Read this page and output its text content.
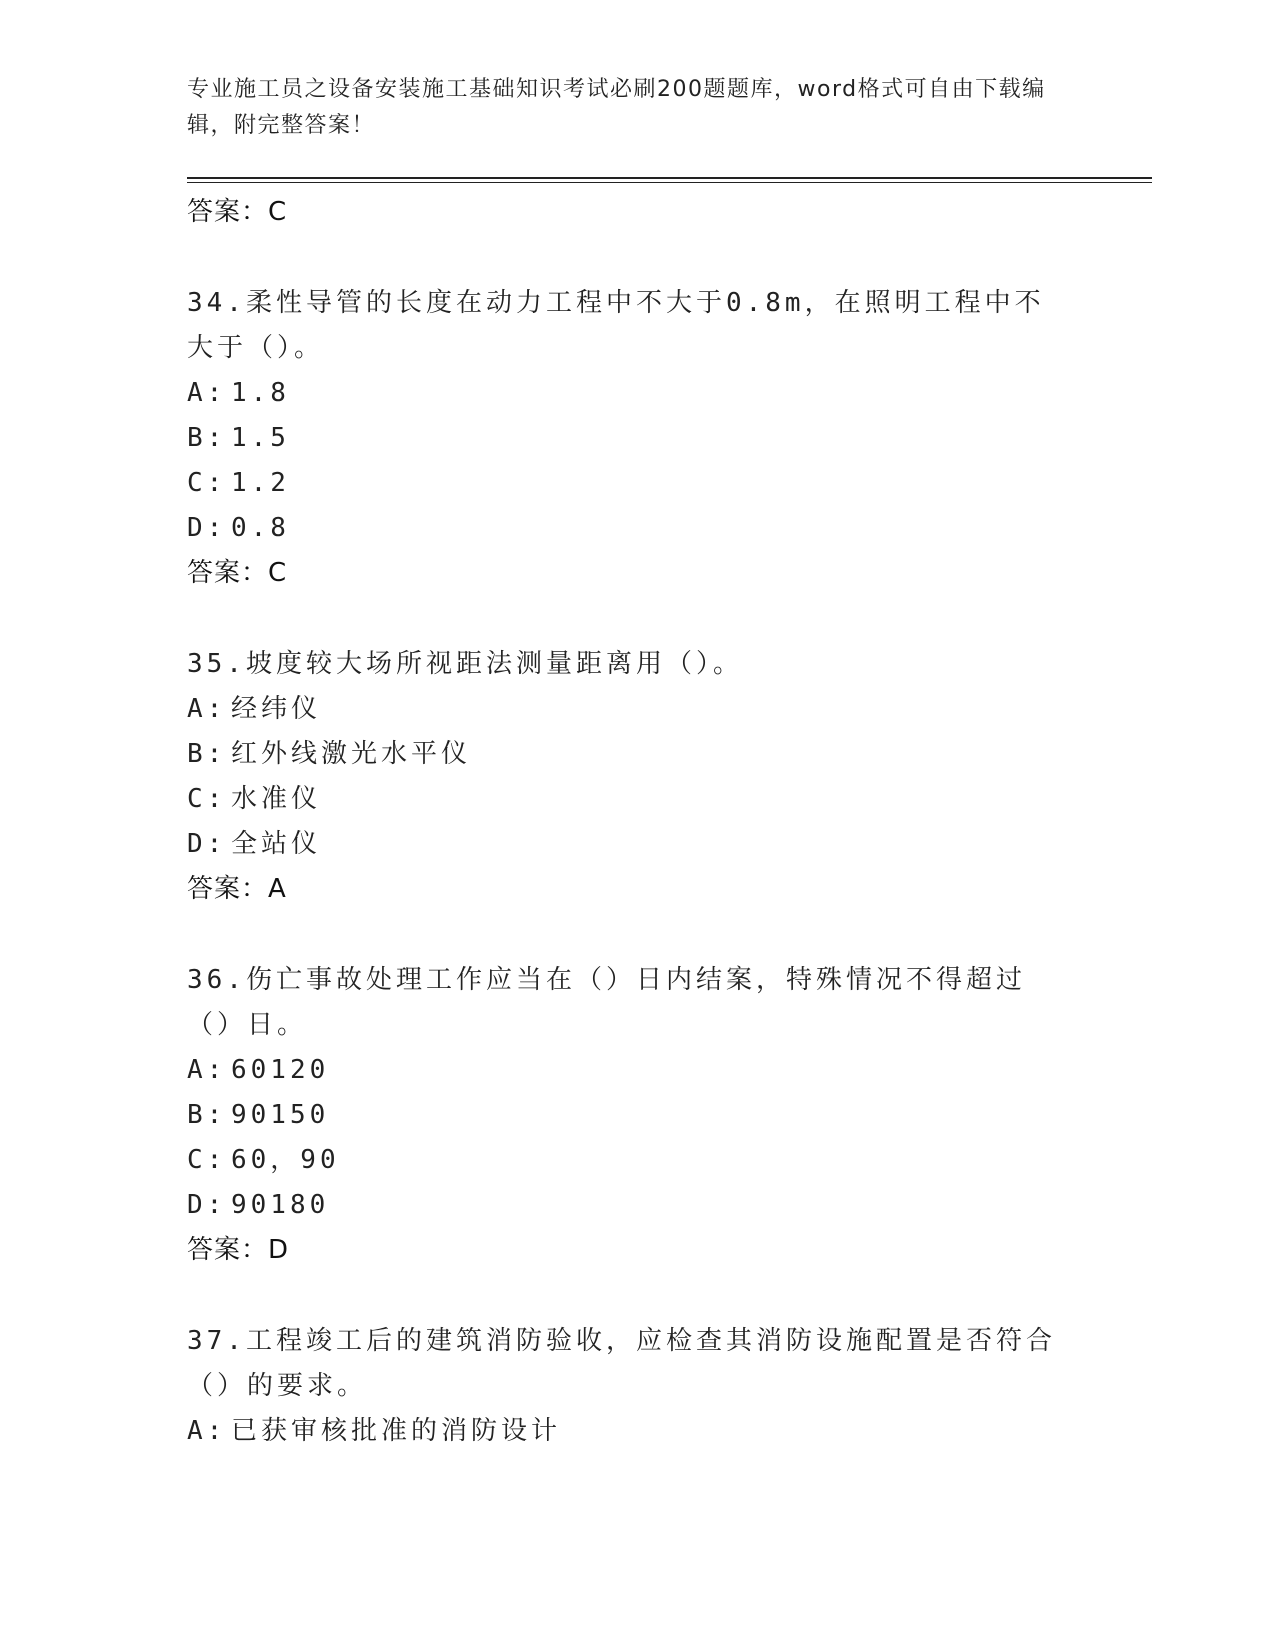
专业施工员之设备安装施工基础知识考试必刷200题题库，word格式可自由下载编辑，附完整答案！
答案：C
34.柔性导管的长度在动力工程中不大于0.8m，在照明工程中不大于（）。
A: 1.8
B: 1.5
C: 1.2
D: 0.8
答案：C
35.坡度较大场所视距法测量距离用（）。
A: 经纬仪
B: 红外线激光水平仪
C: 水准仪
D: 全站仪
答案：A
36.伤亡事故处理工作应当在（）日内结案，特殊情况不得超过（）日。
A: 60120
B: 90150
C: 60，90
D: 90180
答案：D
37.工程竣工后的建筑消防验收，应检查其消防设施配置是否符合（）的要求。
A: 已获审核批准的消防设计
